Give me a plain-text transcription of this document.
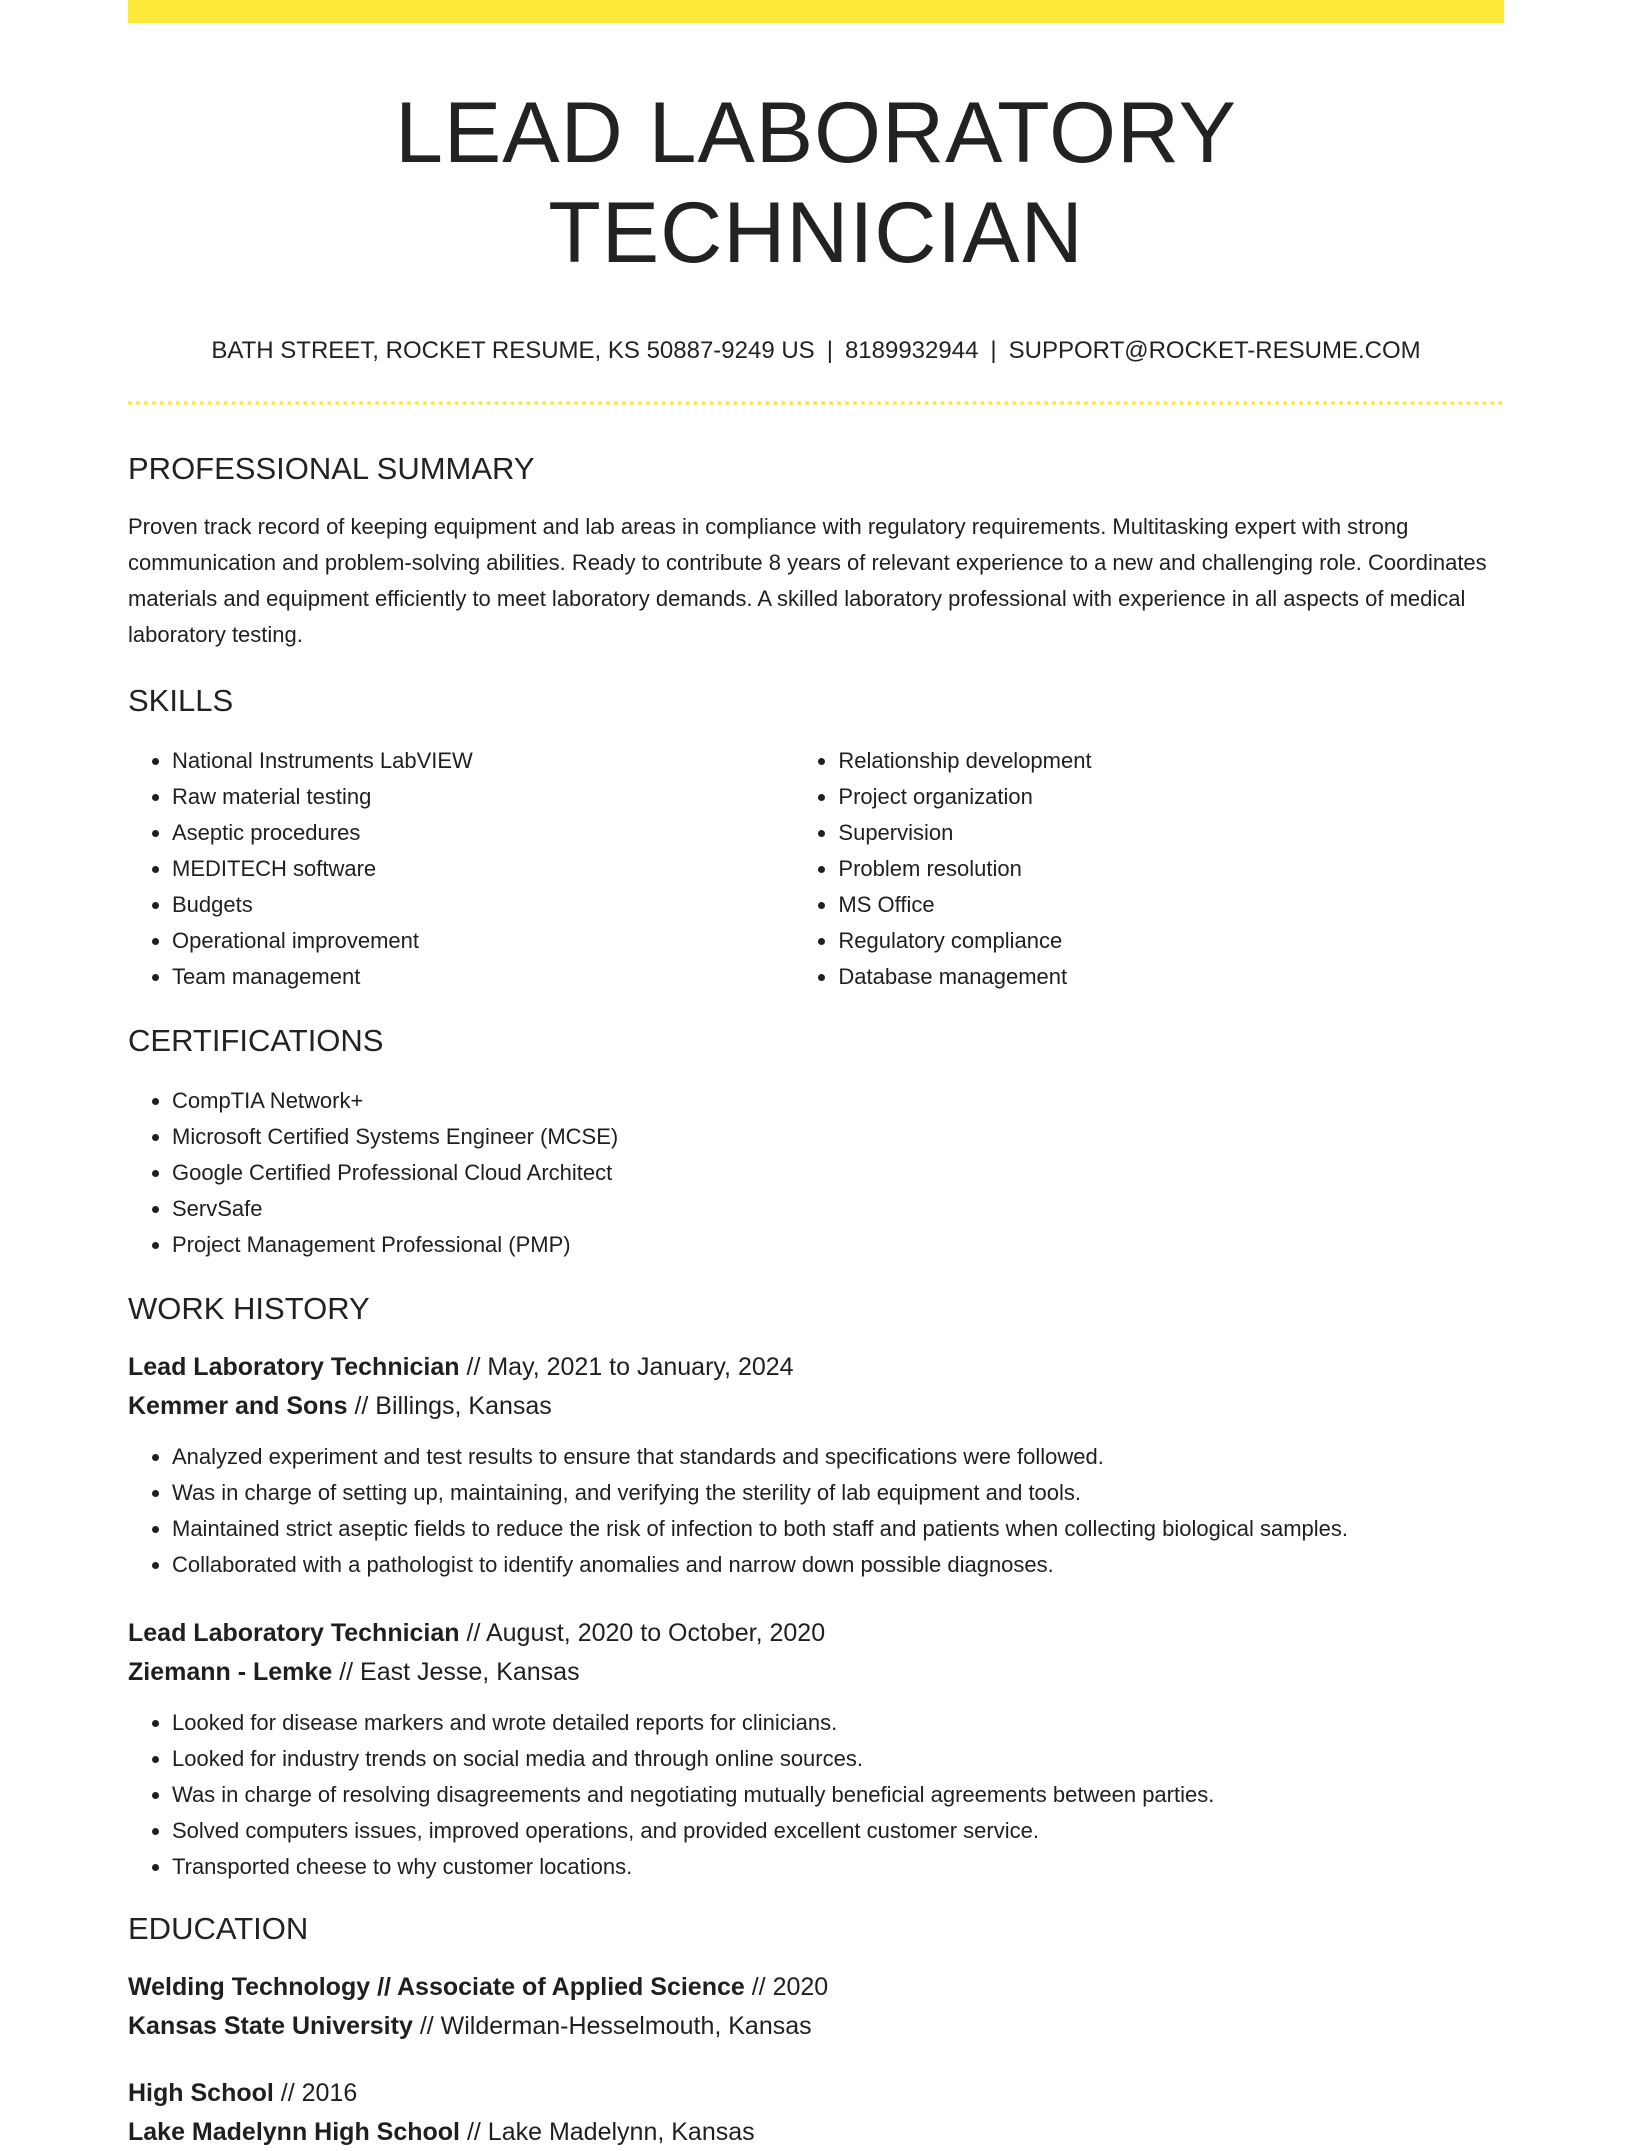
LEAD LABORATORY TECHNICIAN
BATH STREET, ROCKET RESUME, KS 50887-9249 US | 8189932944 | SUPPORT@ROCKET-RESUME.COM
PROFESSIONAL SUMMARY

Proven track record of keeping equipment and lab areas in compliance with regulatory requirements. Multitasking expert with strong communication and problem-solving abilities. Ready to contribute 8 years of relevant experience to a new and challenging role. Coordinates materials and equipment efficiently to meet laboratory demands. A skilled laboratory professional with experience in all aspects of medical laboratory testing.

SKILLS
• National Instruments LabVIEW
• Raw material testing
• Aseptic procedures
• MEDITECH software
• Budgets
• Operational improvement
• Team management
• Relationship development
• Project organization
• Supervision
• Problem resolution
• MS Office
• Regulatory compliance
• Database management
CERTIFICATIONS
• CompTIA Network+
• Microsoft Certified Systems Engineer (MCSE)
• Google Certified Professional Cloud Architect
• ServSafe
• Project Management Professional (PMP)
WORK HISTORY
Lead Laboratory Technician // May, 2021 to January, 2024
Kemmer and Sons // Billings, Kansas
• Analyzed experiment and test results to ensure that standards and specifications were followed.
• Was in charge of setting up, maintaining, and verifying the sterility of lab equipment and tools.
• Maintained strict aseptic fields to reduce the risk of infection to both staff and patients when collecting biological samples.
• Collaborated with a pathologist to identify anomalies and narrow down possible diagnoses.
Lead Laboratory Technician // August, 2020 to October, 2020
Ziemann - Lemke // East Jesse, Kansas
• Looked for disease markers and wrote detailed reports for clinicians.
• Looked for industry trends on social media and through online sources.
• Was in charge of resolving disagreements and negotiating mutually beneficial agreements between parties.
• Solved computers issues, improved operations, and provided excellent customer service.
• Transported cheese to why customer locations.
EDUCATION
Welding Technology // Associate of Applied Science // 2020
Kansas State University // Wilderman-Hesselmouth, Kansas
High School // 2016
Lake Madelynn High School // Lake Madelynn, Kansas
